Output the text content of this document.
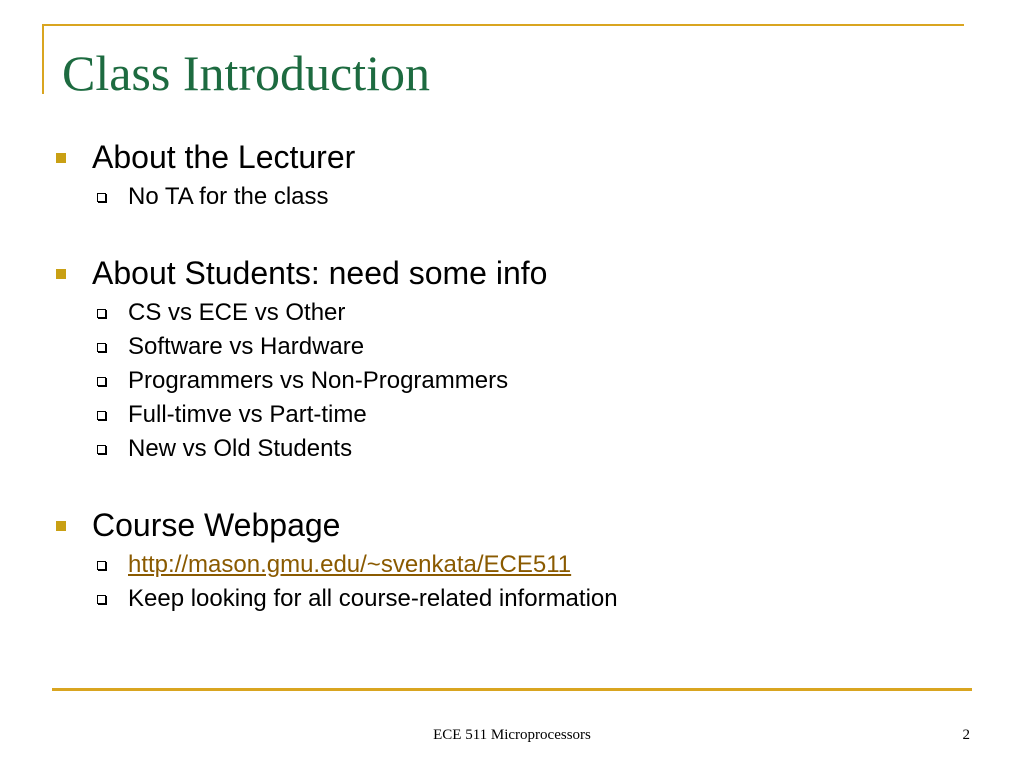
Class Introduction
About the Lecturer
No TA for the class
About Students: need some info
CS vs ECE vs Other
Software vs Hardware
Programmers vs Non-Programmers
Full-timve vs Part-time
New vs Old Students
Course Webpage
http://mason.gmu.edu/~svenkata/ECE511
Keep looking for all course-related information
ECE 511 Microprocessors	2
